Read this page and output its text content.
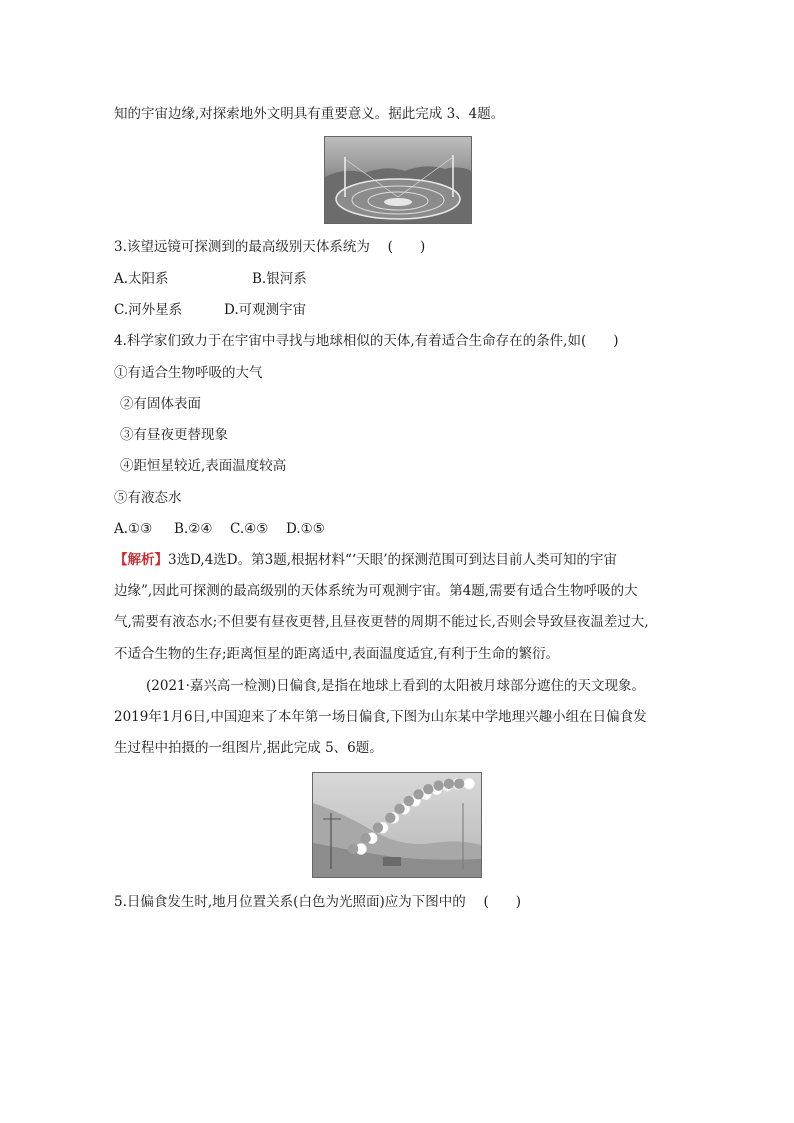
知的宇宙边缘,对探索地外文明具有重要意义。据此完成 3、4题。
3.该望远镜可探测到的最高级别天体系统为 　(　　)
A.太阳系	B.银河系
C.河外星系	D.可观测宇宙
4.科学家们致力于在宇宙中寻找与地球相似的天体,有着适合生命存在的条件,如(　　)
①有适合生物呼吸的大气
②有固体表面
③有昼夜更替现象
④距恒星较近,表面温度较高
⑤有液态水
A.①③ B.②④ C.④⑤ D.①⑤
【解析】3选D,4选D。第3题,根据材料“‘天眼’的探测范围可到达目前人类可知的宇宙
边缘”,因此可探测的最高级别的天体系统为可观测宇宙。第4题,需要有适合生物呼吸的大
气,需要有液态水;不但要有昼夜更替,且昼夜更替的周期不能过长,否则会导致昼夜温差过大,
不适合生物的生存;距离恒星的距离适中,表面温度适宜,有利于生命的繁衍。
(2021·嘉兴高一检测)日偏食,是指在地球上看到的太阳被月球部分遮住的天文现象。
2019年1月6日,中国迎来了本年第一场日偏食,下图为山东某中学地理兴趣小组在日偏食发
生过程中拍摄的一组图片,据此完成 5、6题。
5.日偏食发生时,地月位置关系(白色为光照面)应为下图中的 　(　　)
